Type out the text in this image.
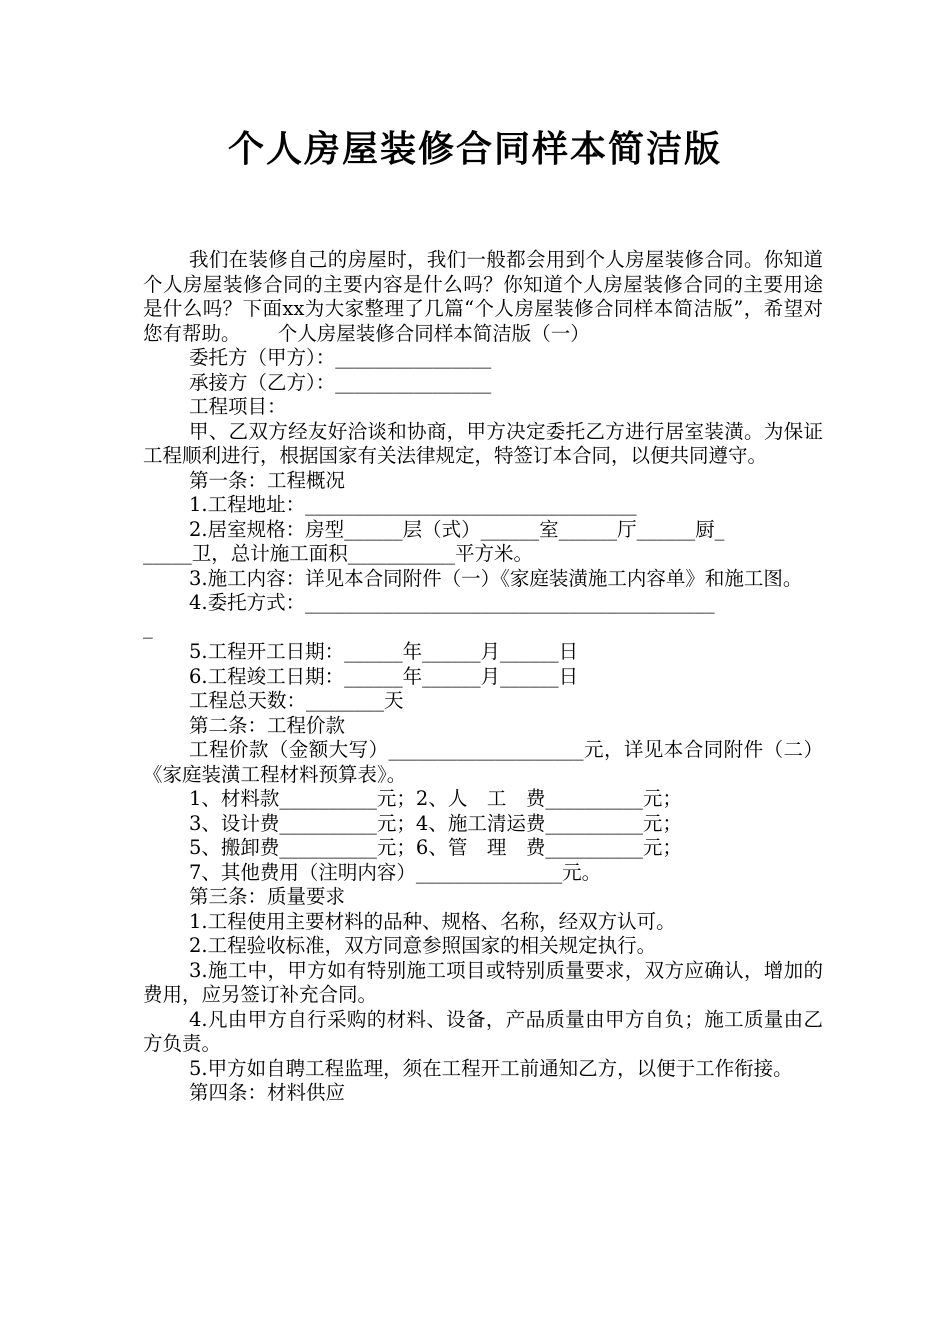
个人房屋装修合同样本简洁版

我们在装修自己的房屋时，我们一般都会用到个人房屋装修合同。你知道个人房屋装修合同的主要内容是什么吗？你知道个人房屋装修合同的主要用途是什么吗？下面xx为大家整理了几篇“个人房屋装修合同样本简洁版”，希望对您有帮助。      个人房屋装修合同样本简洁版（一）

委托方（甲方）：________________

承接方（乙方）：________________

工程项目：

甲、乙双方经友好洽谈和协商，甲方决定委托乙方进行居室装潢。为保证工程顺利进行，根据国家有关法律规定，特签订本合同，以便共同遵守。

第一条：工程概况

1.工程地址：__________________________________

2.居室规格：房型______层（式）______室______厅______厨_

_____卫，总计施工面积___________平方米。

3.施工内容：详见本合同附件（一）《家庭装潢施工内容单》和施工图。

4.委托方式：__________________________________________

_

5.工程开工日期：______年______月______日

6.工程竣工日期：______年______月______日

工程总天数：________天

第二条：工程价款

工程价款（金额大写）____________________元，详见本合同附件（二）《家庭装潢工程材料预算表》。

1、材料款__________元；2、人　工　费__________元；

3、设计费__________元；4、施工清运费__________元；

5、搬卸费__________元；6、管　理　费__________元；

7、其他费用（注明内容）_______________元。

第三条：质量要求

1.工程使用主要材料的品种、规格、名称，经双方认可。

2.工程验收标准，双方同意参照国家的相关规定执行。

3.施工中，甲方如有特别施工项目或特别质量要求，双方应确认，增加的费用，应另签订补充合同。

4.凡由甲方自行采购的材料、设备，产品质量由甲方自负；施工质量由乙方负责。

5.甲方如自聘工程监理，须在工程开工前通知乙方，以便于工作衔接。

第四条：材料供应
